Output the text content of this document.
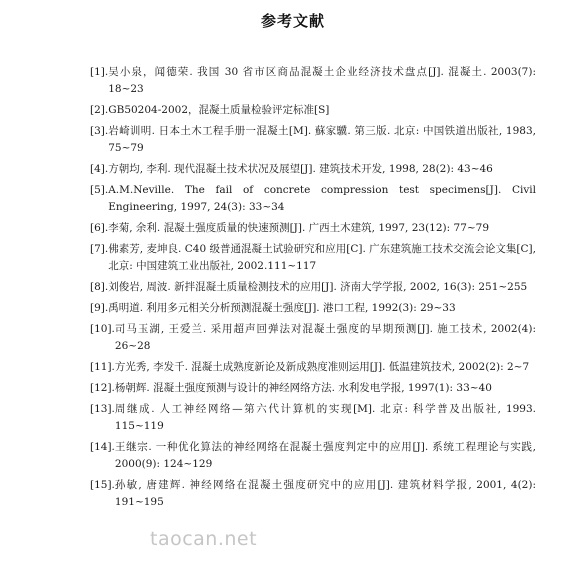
参考文献
[1]. 吴小泉，闻德荣. 我国 30 省市区商品混凝土企业经济技术盘点[J]. 混凝土. 2003(7): 18~23
[2]. GB50204-2002，混凝土质量检验评定标准[S]
[3]. 岩崎训明. 日本土木工程手册一混凝土[M]. 蘇家驥. 第三版. 北京: 中国铁道出版社, 1983, 75~79
[4]. 方朝均, 李利. 现代混凝土技术状况及展望[J]. 建筑技术开发, 1998, 28(2): 43~46
[5]. A.M.Neville. The fail of concrete compression test specimens[J]. Civil Engineering, 1997, 24(3): 33~34
[6]. 李菊, 余利. 混凝土强度质量的快速预测[J]. 广西土木建筑, 1997, 23(12): 77~79
[7]. 佛素芳, 麦坤良. C40 级普通混凝土试验研究和应用[C]. 广东建筑施工技术交流会论文集[C], 北京: 中国建筑工业出版社, 2002.111~117
[8]. 刘俊岩, 周波. 新拌混凝土质量检测技术的应用[J]. 济南大学学报, 2002, 16(3): 251~255
[9]. 禹明道. 利用多元相关分析预测混凝土强度[J]. 港口工程, 1992(3): 29~33
[10]. 司马玉湖, 王爱兰. 采用超声回弹法对混凝土强度的早期预测[J]. 施工技术, 2002(4): 26~28
[11]. 方光秀, 李发千. 混凝土成熟度新论及新成熟度准则运用[J]. 低温建筑技术, 2002(2): 2~7
[12]. 杨朝辉. 混凝土强度预测与设计的神经网络方法. 水利发电学报, 1997(1): 33~40
[13]. 周继成. 人工神经网络—第六代计算机的实现[M]. 北京: 科学普及出版社, 1993. 115~119
[14]. 王继宗. 一种优化算法的神经网络在混凝土强度判定中的应用[J]. 系统工程理论与实践, 2000(9): 124~129
[15]. 孙敏, 唐建辉. 神经网络在混凝土强度研究中的应用[J]. 建筑材料学报, 2001, 4(2): 191~195
taocan.net
